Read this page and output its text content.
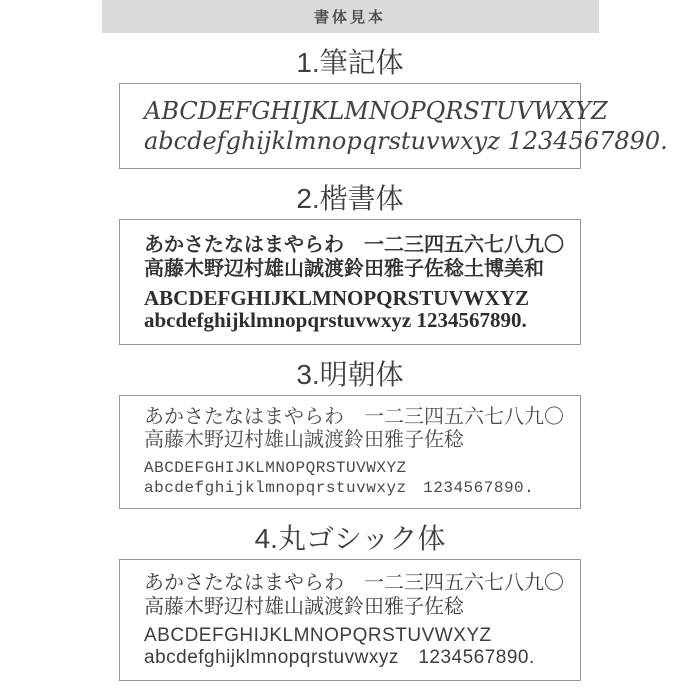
書体見本
1.筆記体
ABCDEFGHIJKLMNOPQRSTUVWXYZ
abcdefghijklmnopqrstuvwxyz 1234567890.
2.楷書体
あかさたなはまやらわ　一二三四五六七八九〇
高藤木野辺村雄山誠渡鈴田雅子佐稔土博美和
ABCDEFGHIJKLMNOPQRSTUVWXYZ
abcdefghijklmnopqrstuvwxyz 1234567890.
3.明朝体
あかさたなはまやらわ　一二三四五六七八九〇
高藤木野辺村雄山誠渡鈴田雅子佐稔
ABCDEFGHIJKLMNOPQRSTUVWXYZ
abcdefghijklmnopqrstuvwxyz　1234567890.
4.丸ゴシック体
あかさたなはまやらわ　一二三四五六七八九〇
高藤木野辺村雄山誠渡鈴田雅子佐稔
ABCDEFGHIJKLMNOPQRSTUVWXYZ
abcdefghijklmnopqrstuvwxyz　1234567890.
